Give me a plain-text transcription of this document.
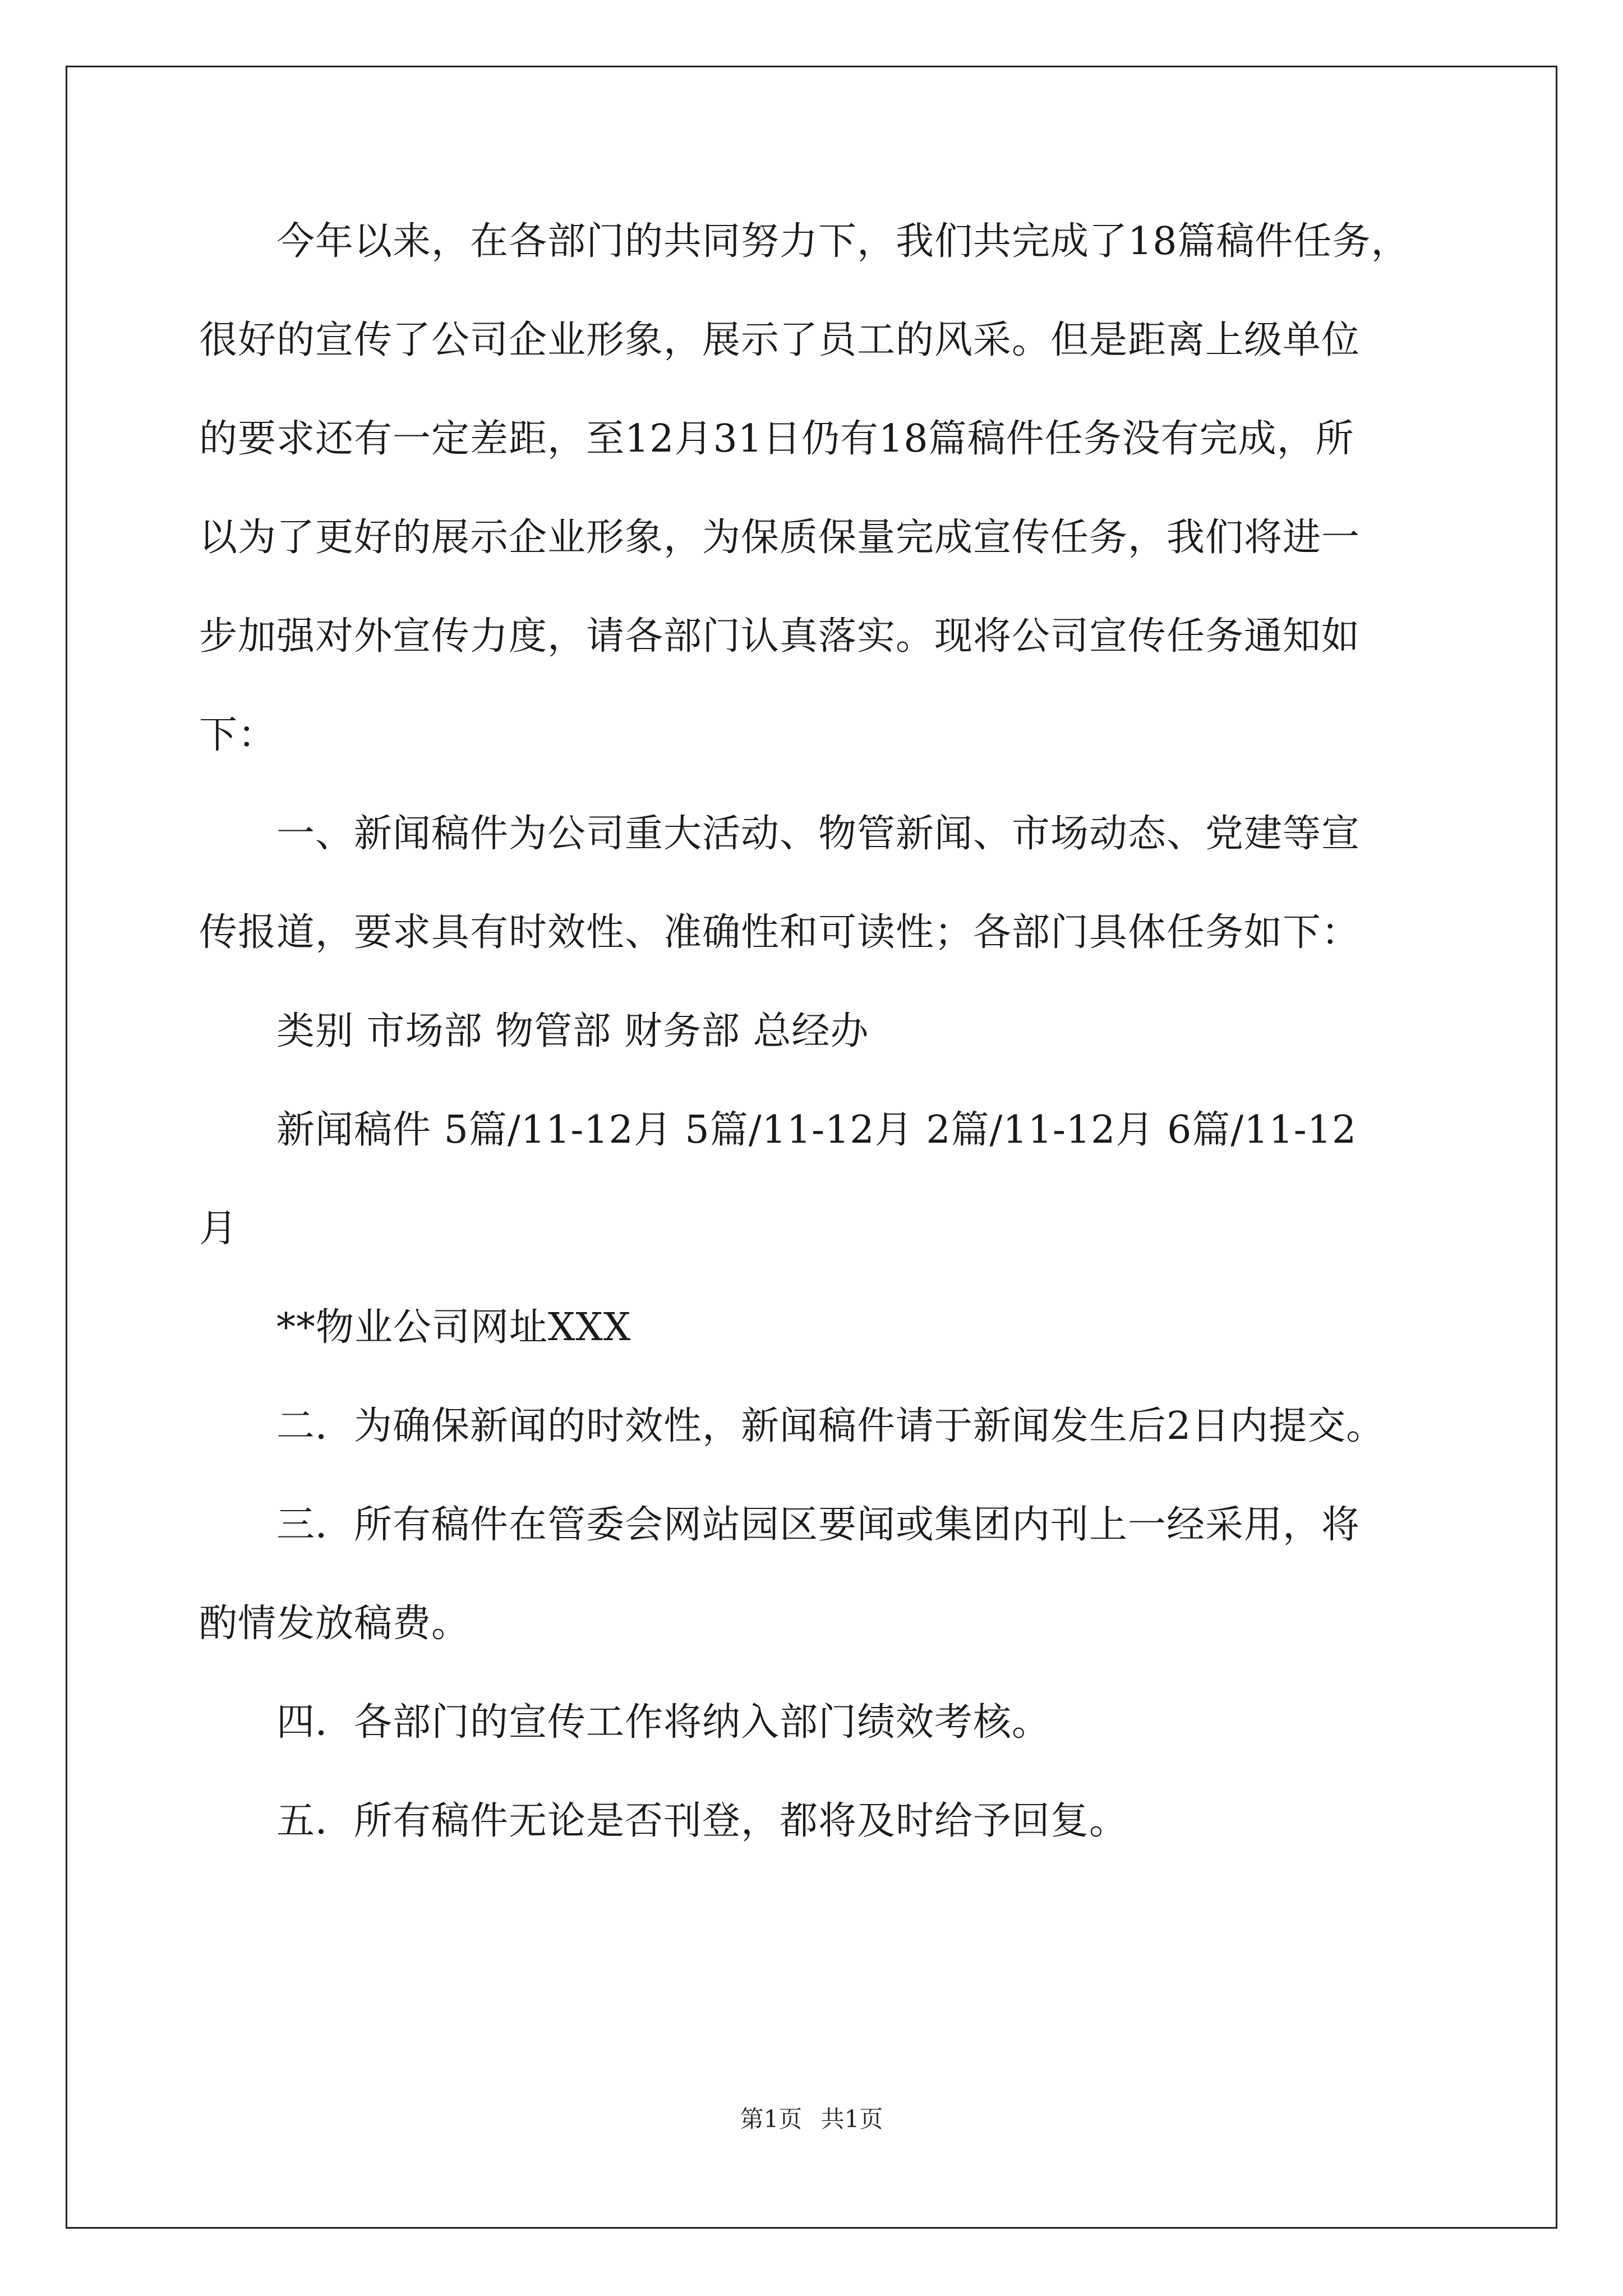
　　今年以来，在各部门的共同努力下，我们共完成了18篇稿件任务，

很好的宣传了公司企业形象，展示了员工的风采。但是距离上级单位

的要求还有一定差距，至12月31日仍有18篇稿件任务没有完成，所

以为了更好的展示企业形象，为保质保量完成宣传任务，我们将进一

步加强对外宣传力度，请各部门认真落实。现将公司宣传任务通知如

下：

　　一、新闻稿件为公司重大活动、物管新闻、市场动态、党建等宣

传报道，要求具有时效性、准确性和可读性；各部门具体任务如下：

　　类别 市场部 物管部 财务部 总经办

　　新闻稿件 5篇/11-12月 5篇/11-12月 2篇/11-12月 6篇/11-12

月

　　**物业公司网址XXX

　　二．为确保新闻的时效性，新闻稿件请于新闻发生后2日内提交。

　　三．所有稿件在管委会网站园区要闻或集团内刊上一经采用，将

酌情发放稿费。

　　四．各部门的宣传工作将纳入部门绩效考核。

　　五．所有稿件无论是否刊登，都将及时给予回复。

第1页 共1页
